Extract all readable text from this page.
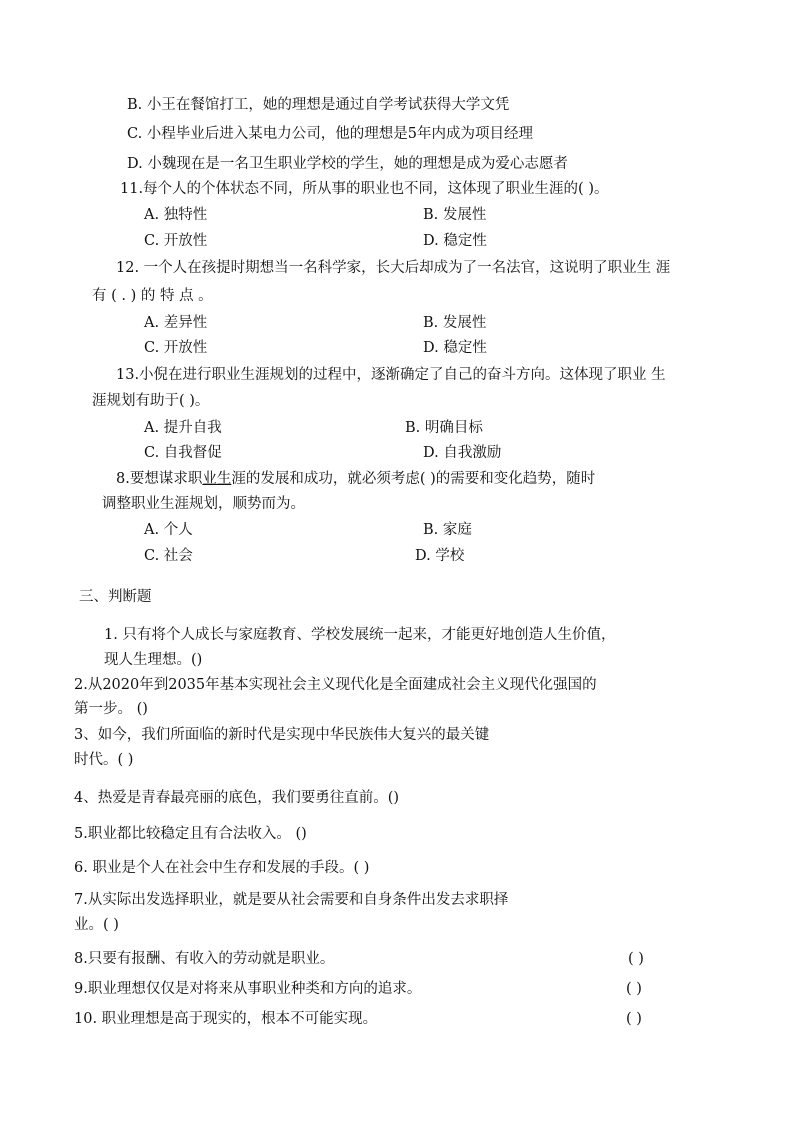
B. 小王在餐馆打工，她的理想是通过自学考试获得大学文凭
C. 小程毕业后进入某电力公司，他的理想是5年内成为项目经理
D. 小魏现在是一名卫生职业学校的学生，她的理想是成为爱心志愿者
11.每个人的个体状态不同，所从事的职业也不同，这体现了职业生涯的( )。
A. 独特性	B. 发展性
C. 开放性	D. 稳定性
12. 一个人在孩提时期想当一名科学家，长大后却成为了一名法官，这说明了职业生 涯
有 ( . ) 的 特 点 。
A. 差异性	B. 发展性
C. 开放性	D. 稳定性
13.小倪在进行职业生涯规划的过程中，逐渐确定了自己的奋斗方向。这体现了职业 生
涯规划有助于( )。
A. 提升自我	B. 明确目标
C. 自我督促	D. 自我激励
8.要想谋求职业生涯的发展和成功，就必须考虑( )的需要和变化趋势，随时
调整职业生涯规划，顺势而为。
A. 个人	B. 家庭
C. 社会	D. 学校
三、判断题
1. 只有将个人成长与家庭教育、学校发展统一起来，才能更好地创造人生价值，
现人生理想。()
2.从2020年到2035年基本实现社会主义现代化是全面建成社会主义现代化强国的
第一步。 ()
3、如今，我们所面临的新时代是实现中华民族伟大复兴的最关键
时代。( )
4、热爱是青春最亮丽的底色，我们要勇往直前。()
5.职业都比较稳定且有合法收入。 ()
6. 职业是个人在社会中生存和发展的手段。( )
7.从实际出发选择职业，就是要从社会需要和自身条件出发去求职择
业。( )
8.只要有报酬、有收入的劳动就是职业。	( )
9.职业理想仅仅是对将来从事职业种类和方向的追求。	( )
10. 职业理想是高于现实的，根本不可能实现。	( )
